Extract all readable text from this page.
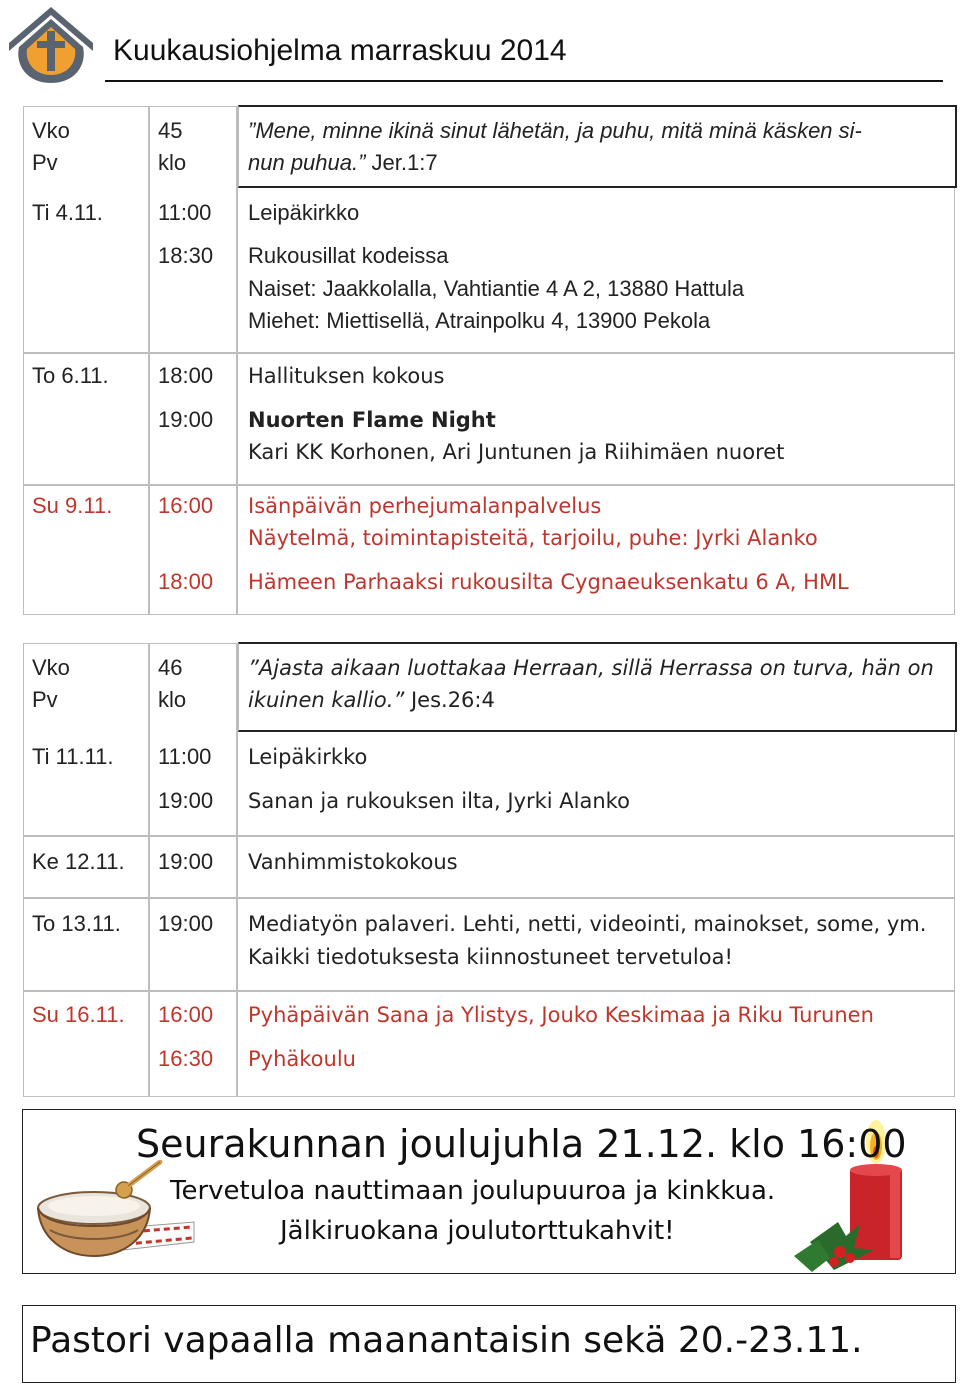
Kuukausiohjelma marraskuu 2014
Vko
Pv
45
klo
”Mene, minne ikinä sinut lähetän, ja puhu, mitä minä käsken si-
nun puhua.” Jer.1:7
Ti 4.11.	11:00 Leipäkirkko
18:30 Rukousillat kodeissa
Naiset: Jaakkolalla, Vahtiantie 4 A 2, 13880 Hattula
Miehet: Miettisellä, Atrainpolku 4, 13900 Pekola
To 6.11. 18:00 Hallituksen kokous
19:00 Nuorten Flame Night
Kari KK Korhonen, Ari Juntunen ja Riihimäen nuoret
Su 9.11. 16:00 Isänpäivän perhejumalanpalvelus
Näytelmä, toimintapisteitä, tarjoilu, puhe: Jyrki Alanko
18:00 Hämeen Parhaaksi rukousilta Cygnaeuksenkatu 6 A, HML
Vko
Pv
46
klo
”Ajasta aikaan luottakaa Herraan, sillä Herrassa on turva, hän on
ikuinen kallio.” Jes.26:4
Ti 11.11. 11:00 Leipäkirkko
19:00 Sanan ja rukouksen ilta, Jyrki Alanko
Ke 12.11. 19:00 Vanhimmistokokous
To 13.11. 19:00 Mediatyön palaveri. Lehti, netti, videointi, mainokset, some, ym.
Kaikki tiedotuksesta kiinnostuneet tervetuloa!
Su 16.11. 16:00 Pyhäpäivän Sana ja Ylistys, Jouko Keskimaa ja Riku Turunen
16:30 Pyhäkoulu
Seurakunnan joulujuhla 21.12. klo 16:00
Tervetuloa nauttimaan joulupuuroa ja kinkkua.
Jälkiruokana joulutorttukahvit!
Pastori vapaalla maanantaisin sekä 20.-23.11.
